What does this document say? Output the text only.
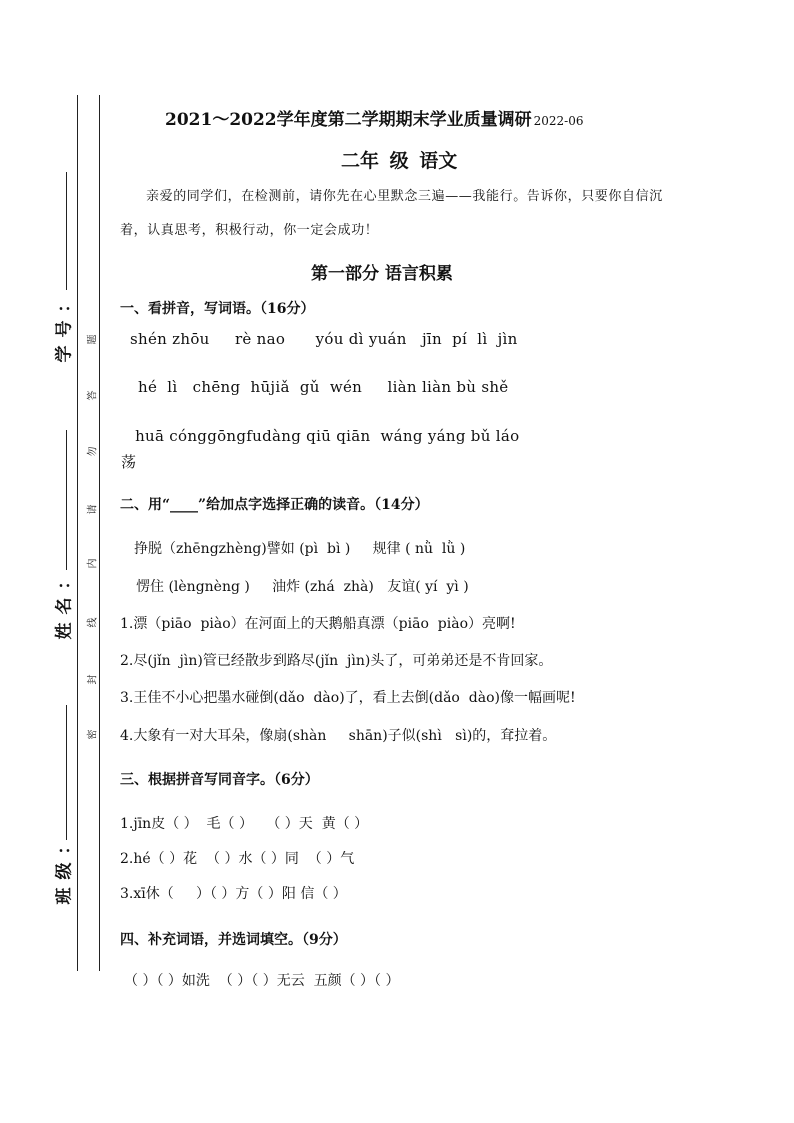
学号：
姓名：
班级：
题
答
勿
请
内
线
封
密
2021～2022学年度第二学期期末学业质量调研 2022-06
二年 级 语文
亲爱的同学们，在检测前，请你先在心里默念三遍——我能行。告诉你，只要你自信沉着，认真思考，积极行动，你一定会成功！
第一部分 语言积累
一、看拼音，写词语。（16分）
shén zhōu     rè nao      yóu dì yuán   jīn  pí  lì  jìn
hé  lì   chēng  hūjiǎ  gǔ  wén     liàn liàn bù shě
huā cónggōngfudàng qiū qiān  wáng yáng bǔ láo
荡
二、用“____”给加点字选择正确的读音。（14分）
挣脱（zhēngzhèng)譬如 (pì  bì )     规律 ( nǜ  lǜ )
愣住 (lèngnèng )     油炸 (zhá  zhà)   友谊( yí  yì )
1.漂（piāo  piào）在河面上的天鹅船真漂（piāo  piào）亮啊!
2.尽(jǐn  jìn)管已经散步到路尽(jǐn  jìn)头了，可弟弟还是不肯回家。
3.王佳不小心把墨水碰倒(dǎo  dào)了，看上去倒(dǎo  dào)像一幅画呢!
4.大象有一对大耳朵，像扇(shàn     shān)子似(shì   sì)的，耷拉着。
三、根据拼音写同音字。（6分）
1.jīn皮（ ）  毛（ ）   （ ）天  黄（ ）
2.hé（ ）花  （ ）水（ ）同  （ ）气
3.xī休（     ）（ ）方（ ）阳 信（ ）
四、补充词语，并选词填空。（9分）
（ ）（ ）如洗  （ ）（ ）无云  五颜（ ）（ ）
